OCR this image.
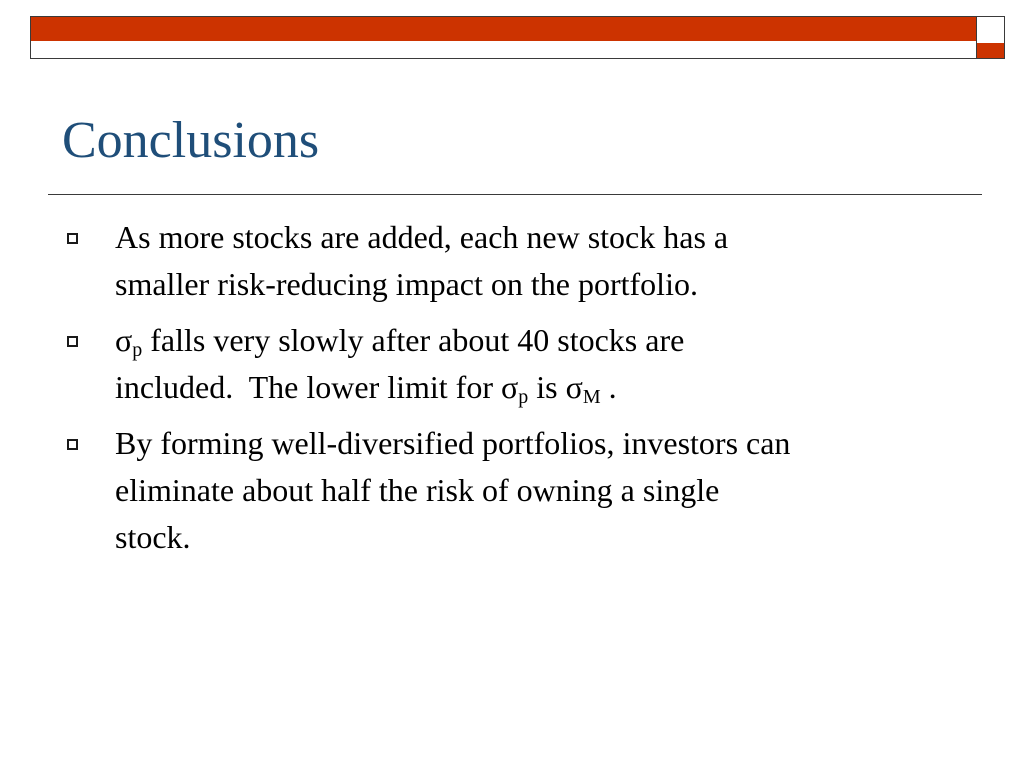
Conclusions
As more stocks are added, each new stock has a
smaller risk-reducing impact on the portfolio.
$\sigma_p$ falls very slowly after about 40 stocks are
included.  The lower limit for $\sigma_p$ is $\sigma_M$ .
By forming well-diversified portfolios, investors can
eliminate about half the risk of owning a single
stock.
